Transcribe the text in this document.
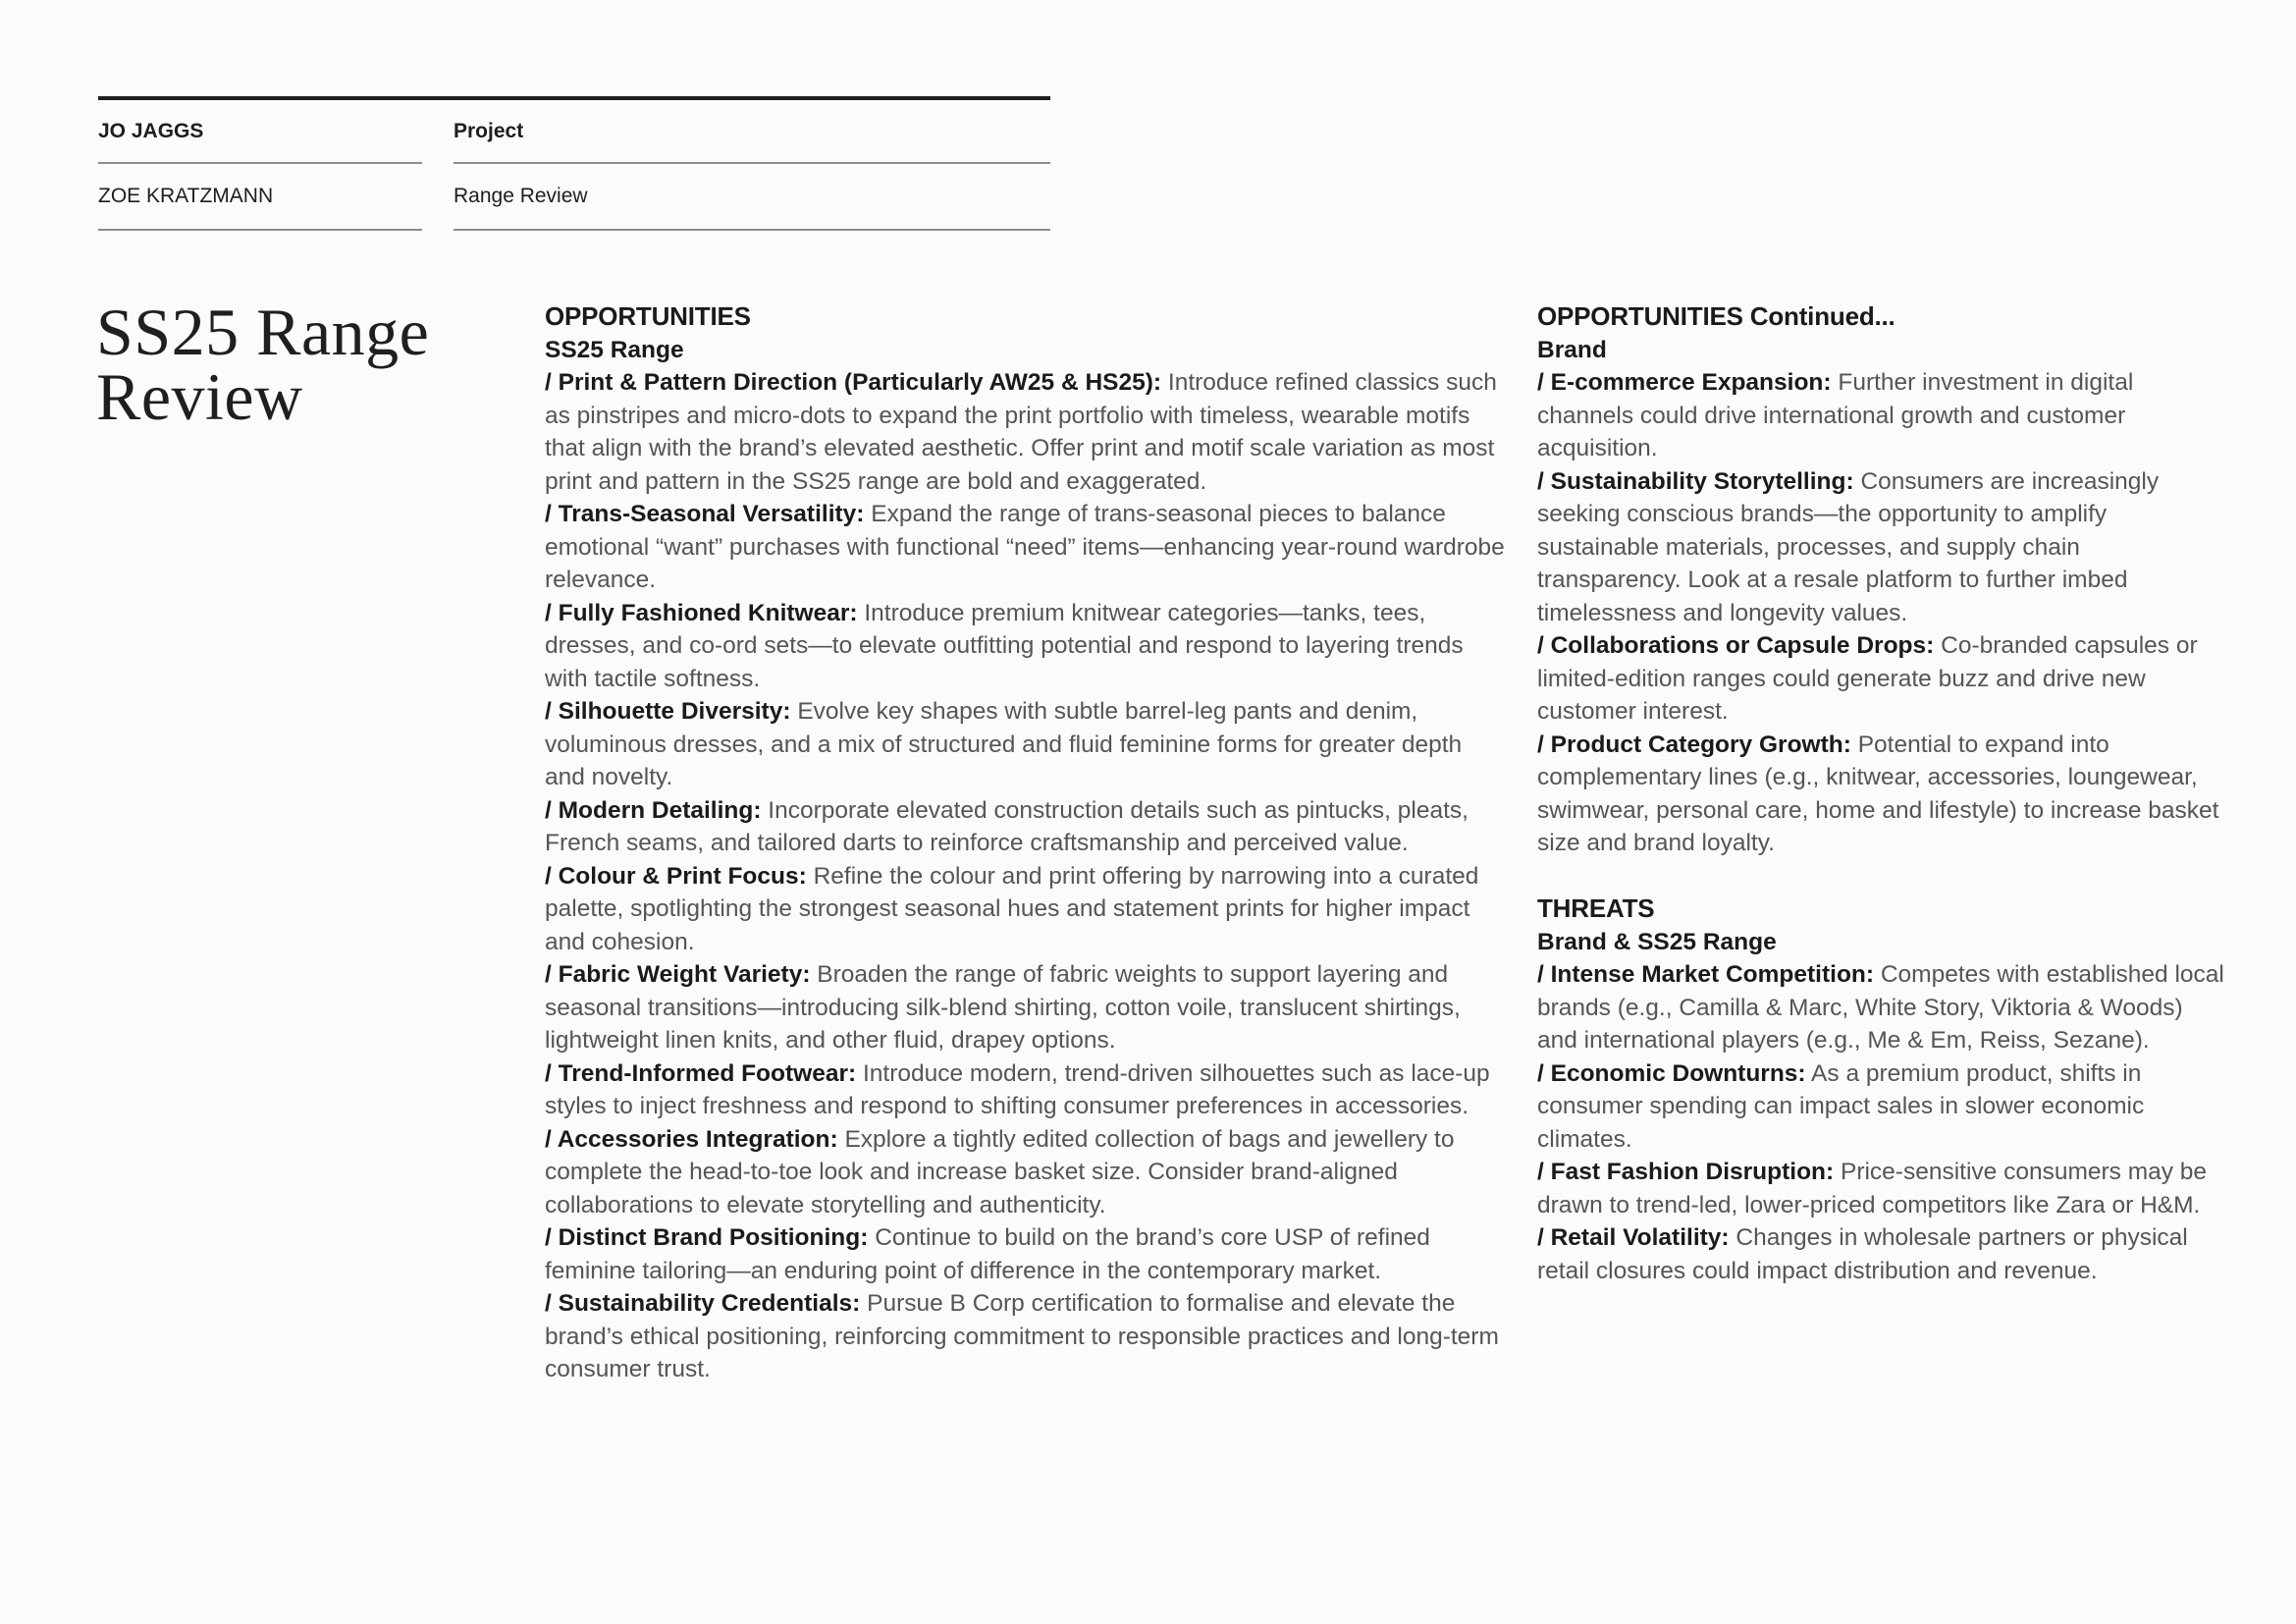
JO JAGGS	Project
ZOE KRATZMANN	Range Review
SS25 Range
Review
OPPORTUNITIES
SS25 Range

/ Print & Pattern Direction (Particularly AW25 & HS25): Introduce refined classics such as pinstripes and micro-dots to expand the print portfolio with timeless, wearable motifs that align with the brand’s elevated aesthetic. Offer print and motif scale variation as most print and pattern in the SS25 range are bold and exaggerated.

/ Trans-Seasonal Versatility: Expand the range of trans-seasonal pieces to balance emotional “want” purchases with functional “need” items—enhancing year-round wardrobe relevance.

/ Fully Fashioned Knitwear: Introduce premium knitwear categories—tanks, tees, dresses, and co-ord sets—to elevate outfitting potential and respond to layering trends with tactile softness.

/ Silhouette Diversity: Evolve key shapes with subtle barrel-leg pants and denim, voluminous dresses, and a mix of structured and fluid feminine forms for greater depth and novelty.

/ Modern Detailing: Incorporate elevated construction details such as pintucks, pleats, French seams, and tailored darts to reinforce craftsmanship and perceived value.

/ Colour & Print Focus: Refine the colour and print offering by narrowing into a curated palette, spotlighting the strongest seasonal hues and statement prints for higher impact and cohesion.

/ Fabric Weight Variety: Broaden the range of fabric weights to support layering and seasonal transitions—introducing silk-blend shirting, cotton voile, translucent shirtings, lightweight linen knits, and other fluid, drapey options.

/ Trend-Informed Footwear: Introduce modern, trend-driven silhouettes such as lace-up styles to inject freshness and respond to shifting consumer preferences in accessories.

/ Accessories Integration: Explore a tightly edited collection of bags and jewellery to complete the head-to-toe look and increase basket size. Consider brand-aligned collaborations to elevate storytelling and authenticity.

/ Distinct Brand Positioning: Continue to build on the brand’s core USP of refined feminine tailoring—an enduring point of difference in the contemporary market.

/ Sustainability Credentials: Pursue B Corp certification to formalise and elevate the brand’s ethical positioning, reinforcing commitment to responsible practices and long-term consumer trust.

OPPORTUNITIES Continued...
Brand

/ E-commerce Expansion: Further investment in digital channels could drive international growth and customer acquisition.

/ Sustainability Storytelling: Consumers are increasingly seeking conscious brands—the opportunity to amplify sustainable materials, processes, and supply chain transparency. Look at a resale platform to further imbed timelessness and longevity values.

/ Collaborations or Capsule Drops: Co-branded capsules or limited-edition ranges could generate buzz and drive new customer interest.

/ Product Category Growth: Potential to expand into complementary lines (e.g., knitwear, accessories, loungewear, swimwear, personal care, home and lifestyle) to increase basket size and brand loyalty.

THREATS
Brand & SS25 Range

/ Intense Market Competition: Competes with established local brands (e.g., Camilla & Marc, White Story, Viktoria & Woods) and international players (e.g., Me & Em, Reiss, Sezane).

/ Economic Downturns: As a premium product, shifts in consumer spending can impact sales in slower economic climates.

/ Fast Fashion Disruption: Price-sensitive consumers may be drawn to trend-led, lower-priced competitors like Zara or H&M.

/ Retail Volatility: Changes in wholesale partners or physical retail closures could impact distribution and revenue.
